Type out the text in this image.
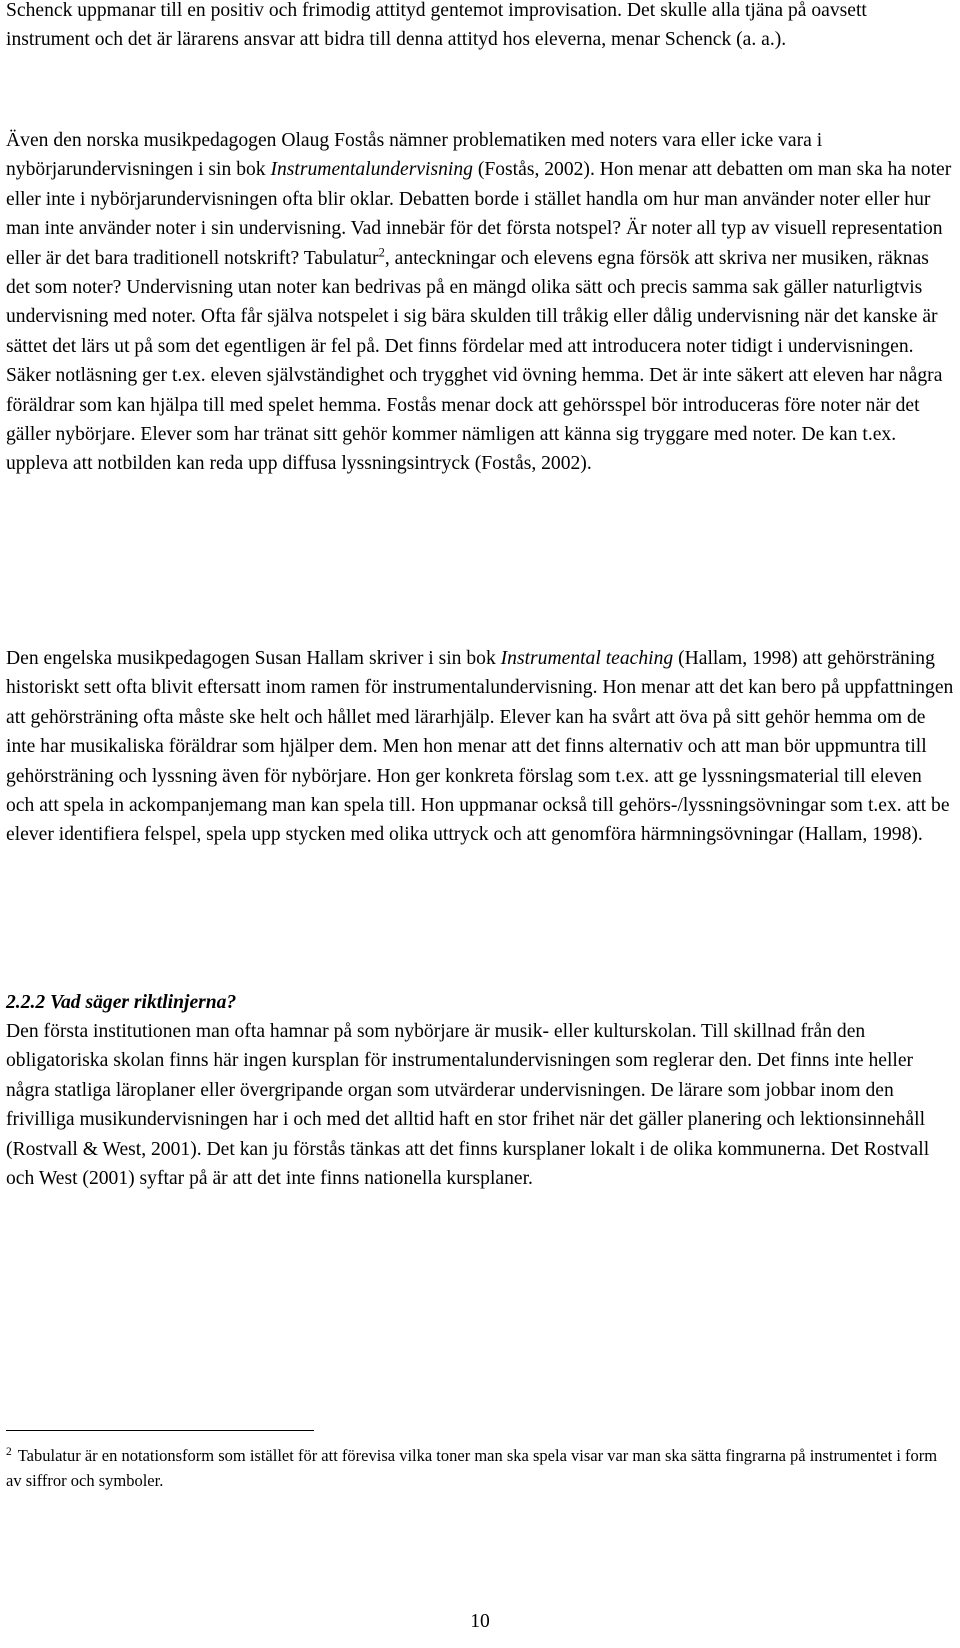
Schenck uppmanar till en positiv och frimodig attityd gentemot improvisation. Det skulle alla tjäna på oavsett instrument och det är lärarens ansvar att bidra till denna attityd hos eleverna, menar Schenck (a. a.).

Även den norska musikpedagogen Olaug Fostås nämner problematiken med noters vara eller icke vara i nybörjarundervisningen i sin bok Instrumentalundervisning (Fostås, 2002). Hon menar att debatten om man ska ha noter eller inte i nybörjarundervisningen ofta blir oklar. Debatten borde i stället handla om hur man använder noter eller hur man inte använder noter i sin undervisning. Vad innebär för det första notspel? Är noter all typ av visuell representation eller är det bara traditionell notskrift? Tabulatur$^2$, anteckningar och elevens egna försök att skriva ner musiken, räknas det som noter? Undervisning utan noter kan bedrivas på en mängd olika sätt och precis samma sak gäller naturligtvis undervisning med noter. Ofta får själva notspelet i sig bära skulden till tråkig eller dålig undervisning när det kanske är sättet det lärs ut på som det egentligen är fel på. Det finns fördelar med att introducera noter tidigt i undervisningen. Säker notläsning ger t.ex. eleven självständighet och trygghet vid övning hemma. Det är inte säkert att eleven har några föräldrar som kan hjälpa till med spelet hemma. Fostås menar dock att gehörsspel bör introduceras före noter när det gäller nybörjare. Elever som har tränat sitt gehör kommer nämligen att känna sig tryggare med noter. De kan t.ex. uppleva att notbilden kan reda upp diffusa lyssningsintryck (Fostås, 2002).

Den engelska musikpedagogen Susan Hallam skriver i sin bok Instrumental teaching (Hallam, 1998) att gehörsträning historiskt sett ofta blivit eftersatt inom ramen för instrumentalundervisning. Hon menar att det kan bero på uppfattningen att gehörsträning ofta måste ske helt och hållet med lärarhjälp. Elever kan ha svårt att öva på sitt gehör hemma om de inte har musikaliska föräldrar som hjälper dem. Men hon menar att det finns alternativ och att man bör uppmuntra till gehörsträning och lyssning även för nybörjare. Hon ger konkreta förslag som t.ex. att ge lyssningsmaterial till eleven och att spela in ackompanjemang man kan spela till. Hon uppmanar också till gehörs-/lyssningsövningar som t.ex. att be elever identifiera felspel, spela upp stycken med olika uttryck och att genomföra härmningsövningar (Hallam, 1998).

2.2.2 Vad säger riktlinjerna?

Den första institutionen man ofta hamnar på som nybörjare är musik- eller kulturskolan. Till skillnad från den obligatoriska skolan finns här ingen kursplan för instrumentalundervisningen som reglerar den. Det finns inte heller några statliga läroplaner eller övergripande organ som utvärderar undervisningen. De lärare som jobbar inom den frivilliga musikundervisningen har i och med det alltid haft en stor frihet när det gäller planering och lektionsinnehåll (Rostvall & West, 2001). Det kan ju förstås tänkas att det finns kursplaner lokalt i de olika kommunerna. Det Rostvall och West (2001) syftar på är att det inte finns nationella kursplaner.

$^2$ Tabulatur är en notationsform som istället för att förevisa vilka toner man ska spela visar var man ska sätta fingrarna på instrumentet i form av siffror och symboler.

10
